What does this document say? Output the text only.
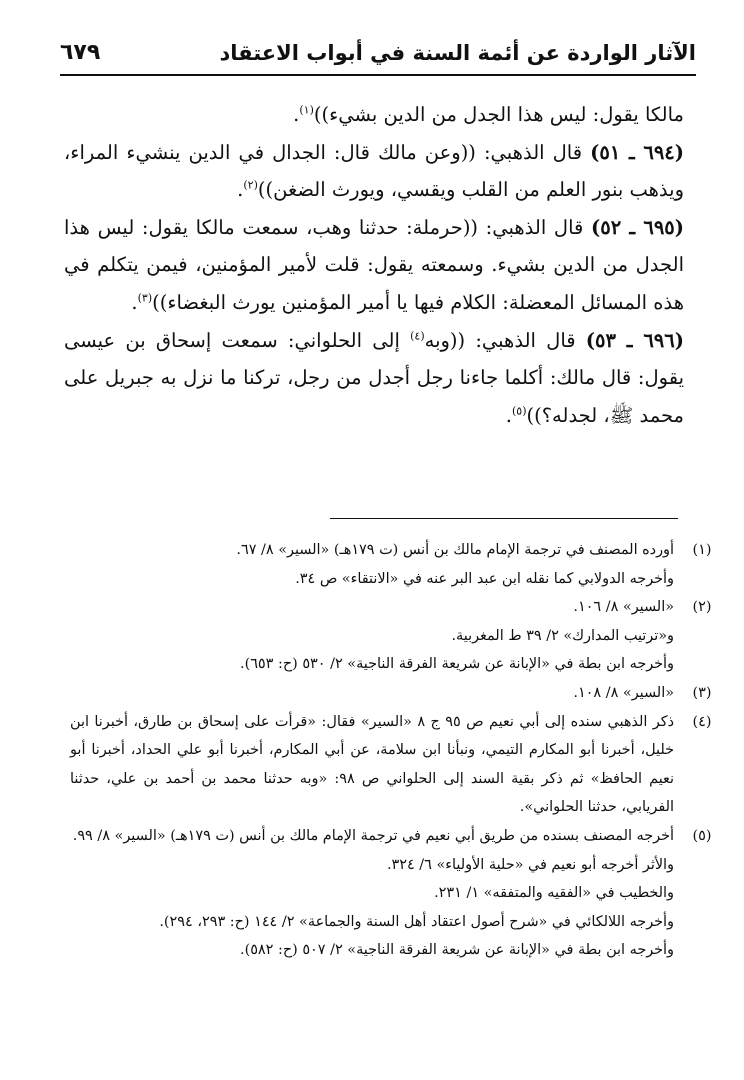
الآثار الواردة عن أئمة السنة في أبواب الاعتقاد
٦٧٩

مالكا يقول: ليس هذا الجدل من الدين بشيء))$^{(١)}$.

(٦٩٤ ـ ٥١) قال الذهبي: ((وعن مالك قال: الجدال في الدين ينشيء المراء، ويذهب بنور العلم من القلب ويقسي، ويورث الضغن))$^{(٢)}$.

(٦٩٥ ـ ٥٢) قال الذهبي: ((حرملة: حدثنا وهب، سمعت مالكا يقول: ليس هذا الجدل من الدين بشيء. وسمعته يقول: قلت لأمير المؤمنين، فيمن يتكلم في هذه المسائل المعضلة: الكلام فيها يا أمير المؤمنين يورث البغضاء))$^{(٣)}$.

(٦٩٦ ـ ٥٣) قال الذهبي: ((وبه$^{(٤)}$ إلى الحلواني: سمعت إسحاق بن عيسى يقول: قال مالك: أكلما جاءنا رجل أجدل من رجل، تركنا ما نزل به جبريل على محمد ﷺ، لجدله؟))$^{(٥)}$.

(١)
أورده المصنف في ترجمة الإمام مالك بن أنس (ت ١٧٩هـ) «السير» ٨/ ٦٧.
وأخرجه الدولابي كما نقله ابن عبد البر عنه في «الانتقاء» ص ٣٤.
(٢)
«السير» ٨/ ١٠٦.
و«ترتيب المدارك» ٢/ ٣٩ ط المغربية.
وأخرجه ابن بطة في «الإبانة عن شريعة الفرقة الناجية» ٢/ ٥٣٠ (ح: ٦٥٣).
(٣)
«السير» ٨/ ١٠٨.
(٤)
ذكر الذهبي سنده إلى أبي نعيم ص ٩٥ ج ٨ «السير» فقال: «قرأت على إسحاق بن طارق، أخبرنا ابن خليل، أخبرنا أبو المكارم التيمي، ونبأنا ابن سلامة، عن أبي المكارم، أخبرنا أبو علي الحداد، أخبرنا أبو نعيم الحافظ» ثم ذكر بقية السند إلى الحلواني ص ٩٨: «وبه حدثنا محمد بن أحمد بن علي، حدثنا الفريابي، حدثنا الحلواني».
(٥)
أخرجه المصنف بسنده من طريق أبي نعيم في ترجمة الإمام مالك بن أنس (ت ١٧٩هـ) «السير» ٨/ ٩٩.
والأثر أخرجه أبو نعيم في «حلية الأولياء» ٦/ ٣٢٤.
والخطيب في «الفقيه والمتفقه» ١/ ٢٣١.
وأخرجه اللالكائي في «شرح أصول اعتقاد أهل السنة والجماعة» ٢/ ١٤٤ (ح: ٢٩٣، ٢٩٤).
وأخرجه ابن بطة في «الإبانة عن شريعة الفرقة الناجية» ٢/ ٥٠٧ (ح: ٥٨٢).
